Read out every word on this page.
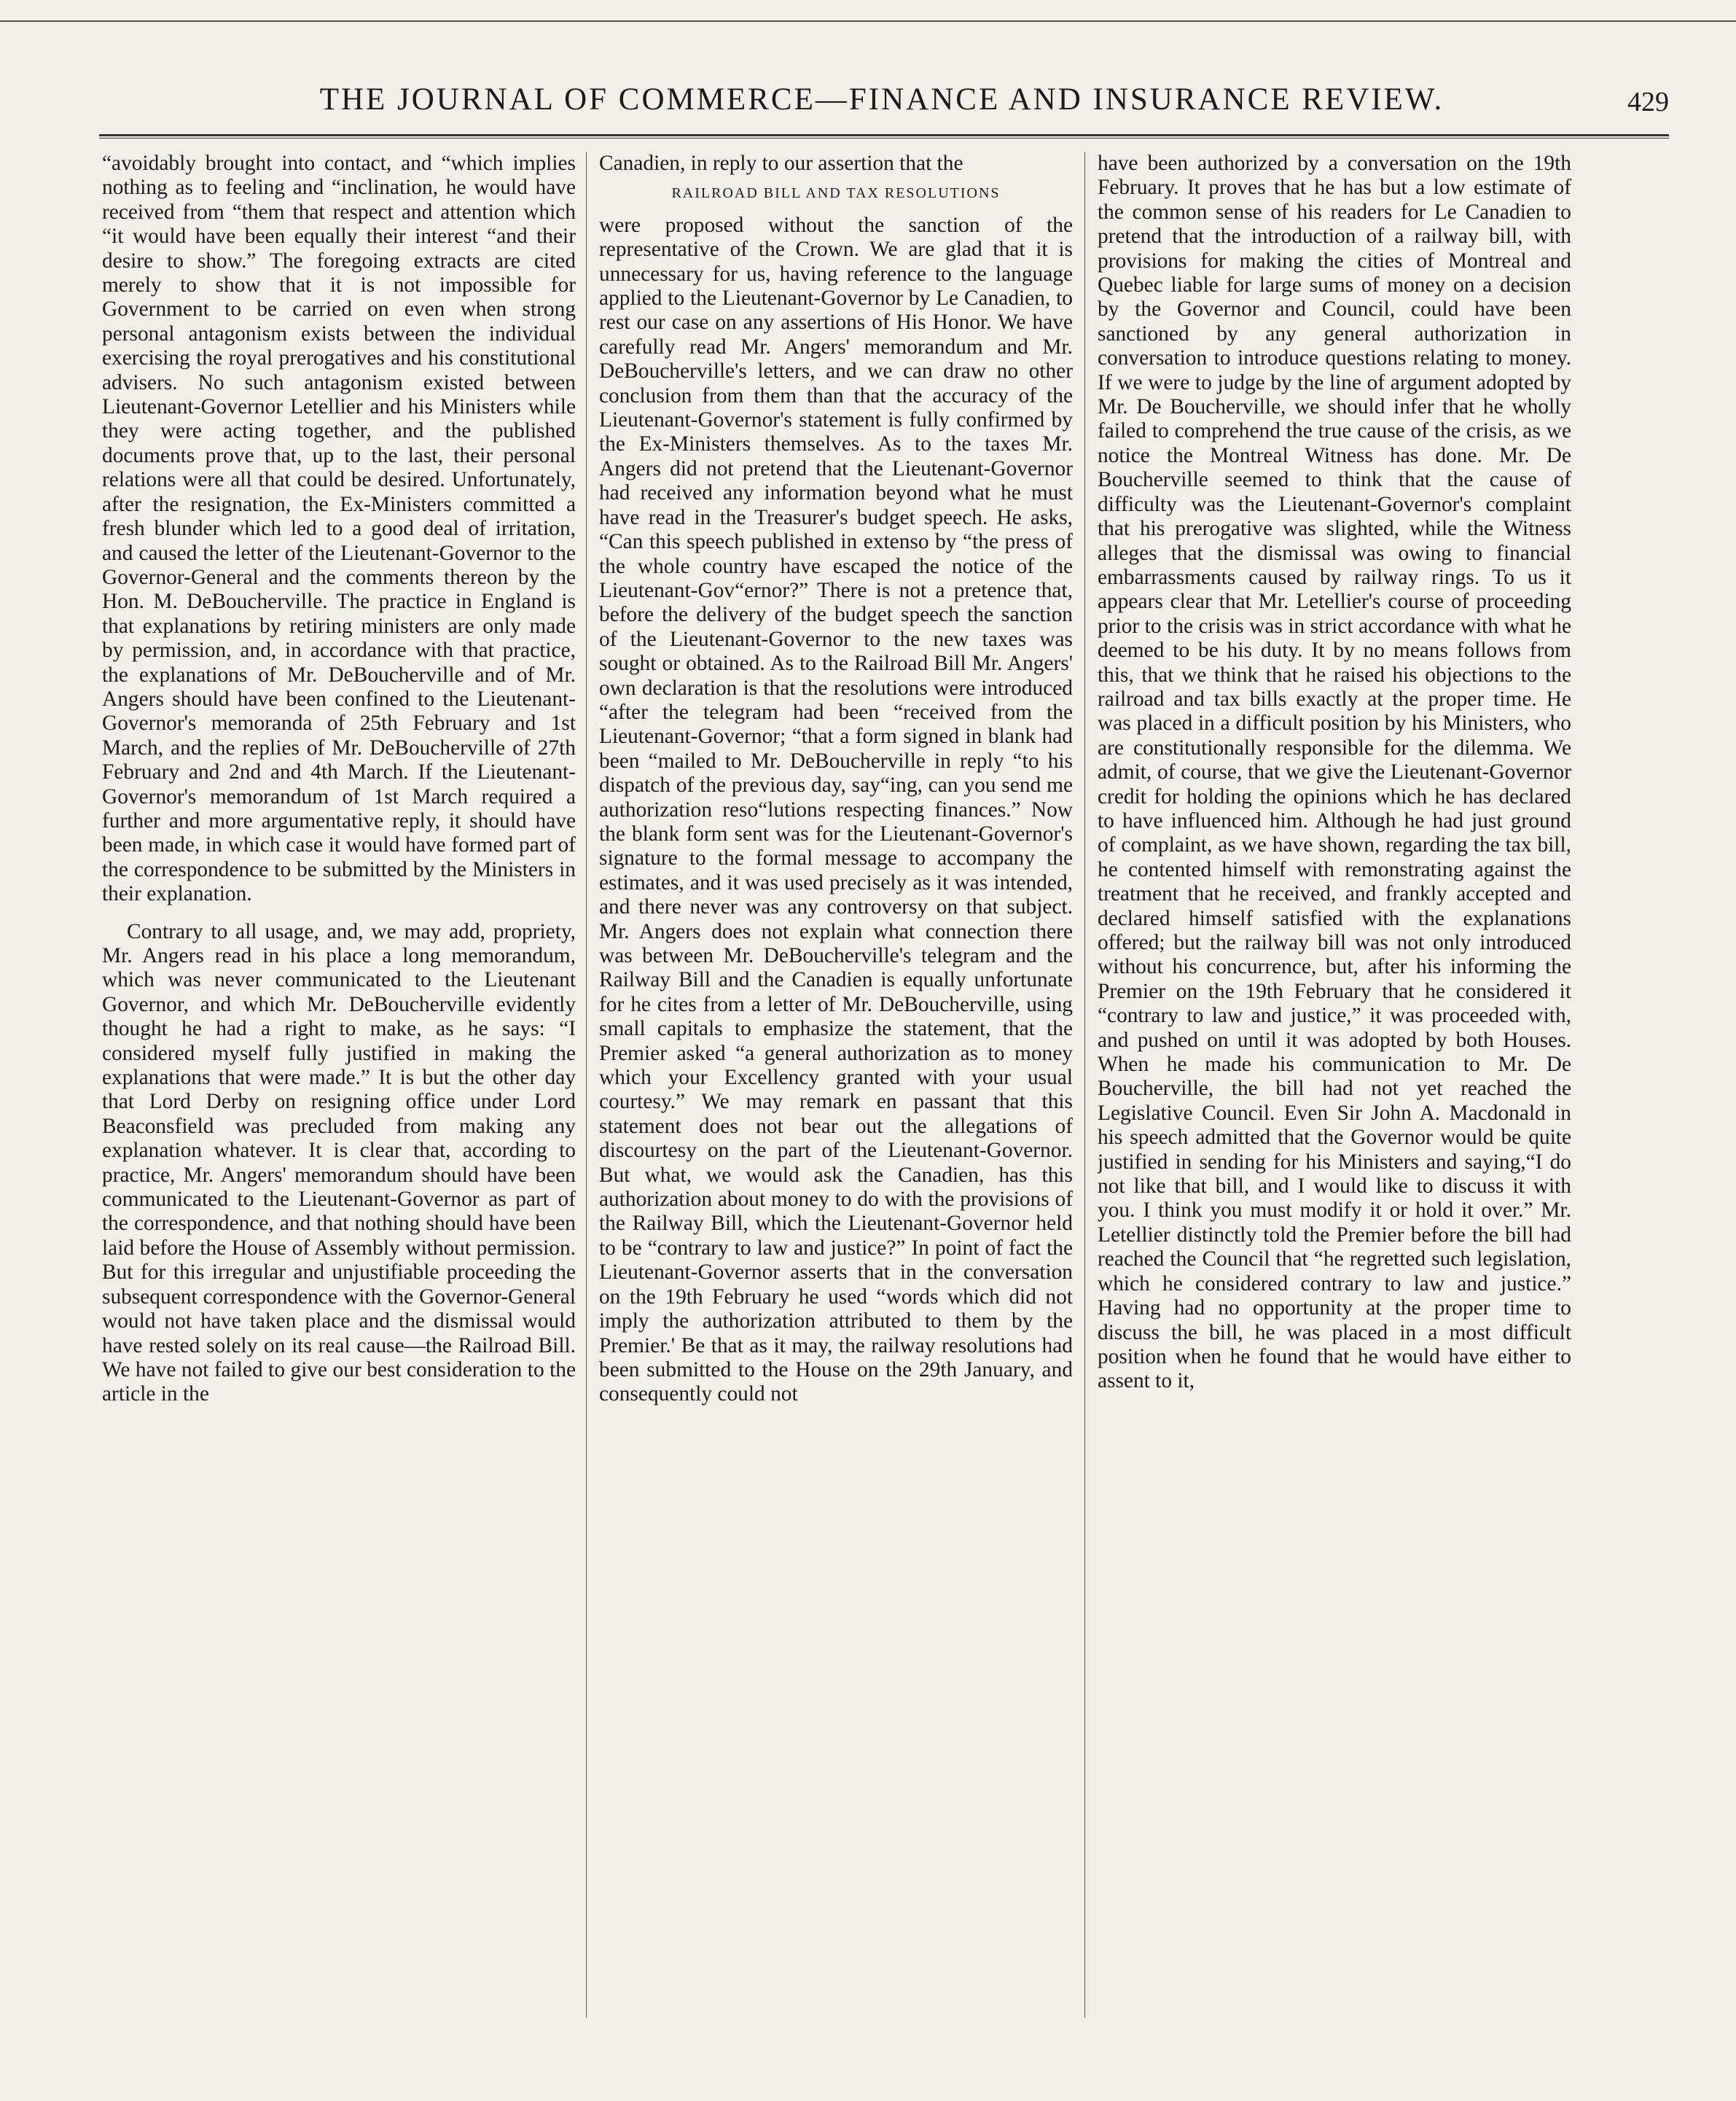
THE JOURNAL OF COMMERCE—FINANCE AND INSURANCE REVIEW.	429

“avoidably brought into contact, and “which implies nothing as to feeling and “inclination, he would have received from “them that respect and attention which “it would have been equally their interest “and their desire to show.” The foregoing extracts are cited merely to show that it is not impossible for Government to be carried on even when strong personal antagonism exists between the individual exercising the royal prerogatives and his constitutional advisers. No such antagonism existed between Lieutenant-Governor Letellier and his Ministers while they were acting together, and the published documents prove that, up to the last, their personal relations were all that could be desired. Unfortunately, after the resignation, the Ex-Ministers committed a fresh blunder which led to a good deal of irritation, and caused the letter of the Lieutenant-Governor to the Governor-General and the comments thereon by the Hon. M. DeBoucherville. The practice in England is that explanations by retiring ministers are only made by permission, and, in accordance with that practice, the explanations of Mr. DeBoucherville and of Mr. Angers should have been confined to the Lieutenant-Governor's memoranda of 25th February and 1st March, and the replies of Mr. DeBoucherville of 27th February and 2nd and 4th March. If the Lieutenant-Governor's memorandum of 1st March required a further and more argumentative reply, it should have been made, in which case it would have formed part of the correspondence to be submitted by the Ministers in their explanation.

Contrary to all usage, and, we may add, propriety, Mr. Angers read in his place a long memorandum, which was never communicated to the Lieutenant Governor, and which Mr. DeBoucherville evidently thought he had a right to make, as he says: “I considered myself fully justified in making the explanations that were made.” It is but the other day that Lord Derby on resigning office under Lord Beaconsfield was precluded from making any explanation whatever. It is clear that, according to practice, Mr. Angers' memorandum should have been communicated to the Lieutenant-Governor as part of the correspondence, and that nothing should have been laid before the House of Assembly without permission. But for this irregular and unjustifiable proceeding the subsequent correspondence with the Governor-General would not have taken place and the dismissal would have rested solely on its real cause—the Railroad Bill. We have not failed to give our best consideration to the article in the

Canadien, in reply to our assertion that the

RAILROAD BILL AND TAX RESOLUTIONS

were proposed without the sanction of the representative of the Crown. We are glad that it is unnecessary for us, having reference to the language applied to the Lieutenant-Governor by Le Canadien, to rest our case on any assertions of His Honor. We have carefully read Mr. Angers' memorandum and Mr. DeBoucherville's letters, and we can draw no other conclusion from them than that the accuracy of the Lieutenant-Governor's statement is fully confirmed by the Ex-Ministers themselves. As to the taxes Mr. Angers did not pretend that the Lieutenant-Governor had received any information beyond what he must have read in the Treasurer's budget speech. He asks, “Can this speech published in extenso by “the press of the whole country have escaped the notice of the Lieutenant-Gov“ernor?” There is not a pretence that, before the delivery of the budget speech the sanction of the Lieutenant-Governor to the new taxes was sought or obtained. As to the Railroad Bill Mr. Angers' own declaration is that the resolutions were introduced “after the telegram had been “received from the Lieutenant-Governor; “that a form signed in blank had been “mailed to Mr. DeBoucherville in reply “to his dispatch of the previous day, say“ing, can you send me authorization reso“lutions respecting finances.” Now the blank form sent was for the Lieutenant-Governor's signature to the formal message to accompany the estimates, and it was used precisely as it was intended, and there never was any controversy on that subject. Mr. Angers does not explain what connection there was between Mr. DeBoucherville's telegram and the Railway Bill and the Canadien is equally unfortunate for he cites from a letter of Mr. DeBoucherville, using small capitals to emphasize the statement, that the Premier asked “a general authorization as to money which your Excellency granted with your usual courtesy.” We may remark en passant that this statement does not bear out the allegations of discourtesy on the part of the Lieutenant-Governor. But what, we would ask the Canadien, has this authorization about money to do with the provisions of the Railway Bill, which the Lieutenant-Governor held to be “contrary to law and justice?” In point of fact the Lieutenant-Governor asserts that in the conversation on the 19th February he used “words which did not imply the authorization attributed to them by the Premier.' Be that as it may, the railway resolutions had been submitted to the House on the 29th January, and consequently could not

have been authorized by a conversation on the 19th February. It proves that he has but a low estimate of the common sense of his readers for Le Canadien to pretend that the introduction of a railway bill, with provisions for making the cities of Montreal and Quebec liable for large sums of money on a decision by the Governor and Council, could have been sanctioned by any general authorization in conversation to introduce questions relating to money. If we were to judge by the line of argument adopted by Mr. De Boucherville, we should infer that he wholly failed to comprehend the true cause of the crisis, as we notice the Montreal Witness has done. Mr. De Boucherville seemed to think that the cause of difficulty was the Lieutenant-Governor's complaint that his prerogative was slighted, while the Witness alleges that the dismissal was owing to financial embarrassments caused by railway rings. To us it appears clear that Mr. Letellier's course of proceeding prior to the crisis was in strict accordance with what he deemed to be his duty. It by no means follows from this, that we think that he raised his objections to the railroad and tax bills exactly at the proper time. He was placed in a difficult position by his Ministers, who are constitutionally responsible for the dilemma. We admit, of course, that we give the Lieutenant-Governor credit for holding the opinions which he has declared to have influenced him. Although he had just ground of complaint, as we have shown, regarding the tax bill, he contented himself with remonstrating against the treatment that he received, and frankly accepted and declared himself satisfied with the explanations offered; but the railway bill was not only introduced without his concurrence, but, after his informing the Premier on the 19th February that he considered it “contrary to law and justice,” it was proceeded with, and pushed on until it was adopted by both Houses. When he made his communication to Mr. De Boucherville, the bill had not yet reached the Legislative Council. Even Sir John A. Macdonald in his speech admitted that the Governor would be quite justified in sending for his Ministers and saying,“I do not like that bill, and I would like to discuss it with you. I think you must modify it or hold it over.” Mr. Letellier distinctly told the Premier before the bill had reached the Council that “he regretted such legislation, which he considered contrary to law and justice.” Having had no opportunity at the proper time to discuss the bill, he was placed in a most difficult position when he found that he would have either to assent to it,
